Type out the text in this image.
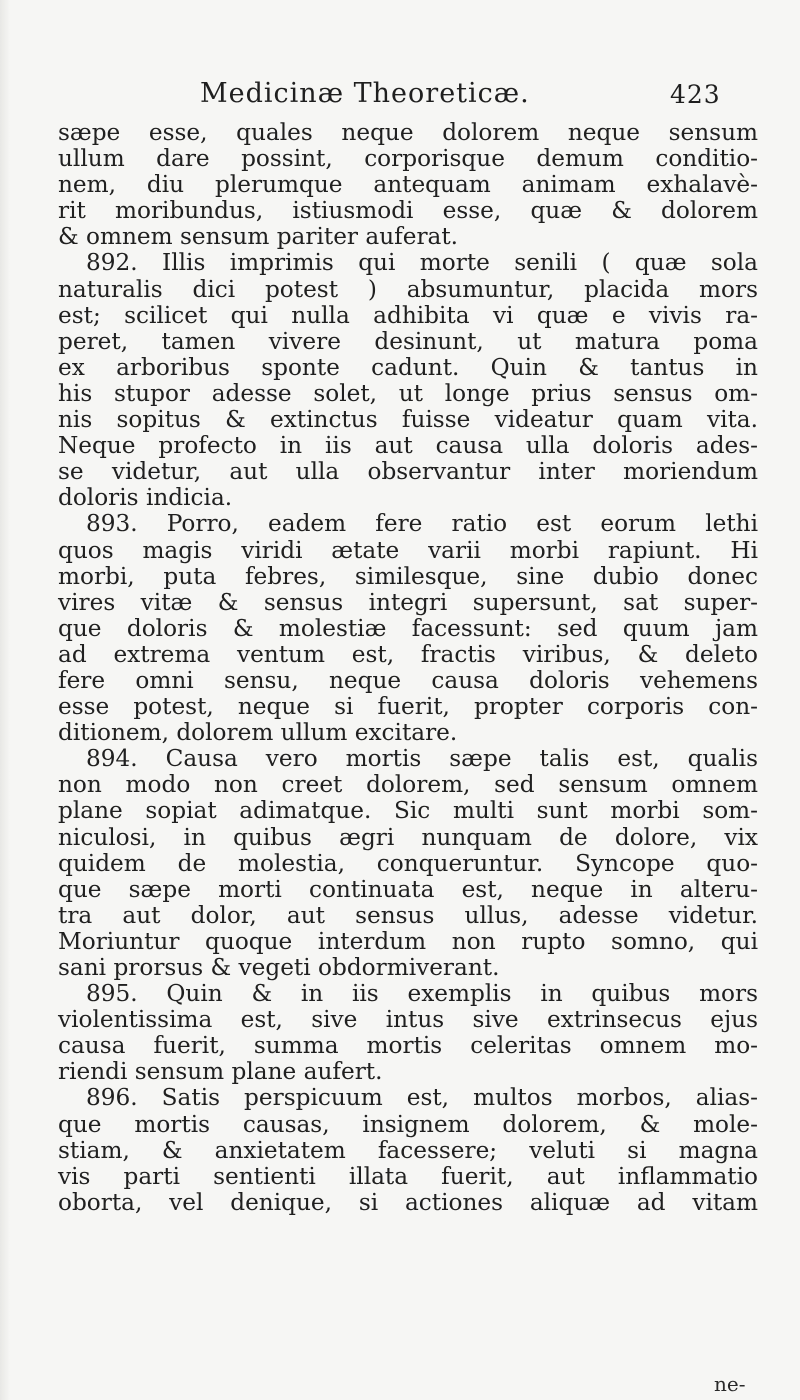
Medicinæ Theoreticæ.	423
sæpe esse, quales neque dolorem neque sensum
ullum dare possint, corporisque demum conditio-
nem, diu plerumque antequam animam exhalavè-
rit moribundus, istiusmodi esse, quæ & dolorem
& omnem sensum pariter auferat.
892. Illis imprimis qui morte senili ( quæ sola
naturalis dici potest ) absumuntur, placida mors
est; scilicet qui nulla adhibita vi quæ e vivis ra-
peret, tamen vivere desinunt, ut matura poma
ex arboribus sponte cadunt. Quin & tantus in
his stupor adesse solet, ut longe prius sensus om-
nis sopitus & extinctus fuisse videatur quam vita.
Neque profecto in iis aut causa ulla doloris ades-
se videtur, aut ulla observantur inter moriendum
doloris indicia.
893. Porro, eadem fere ratio est eorum lethi
quos magis viridi ætate varii morbi rapiunt. Hi
morbi, puta febres, similesque, sine dubio donec
vires vitæ & sensus integri supersunt, sat super-
que doloris & molestiæ facessunt: sed quum jam
ad extrema ventum est, fractis viribus, & deleto
fere omni sensu, neque causa doloris vehemens
esse potest, neque si fuerit, propter corporis con-
ditionem, dolorem ullum excitare.
894. Causa vero mortis sæpe talis est, qualis
non modo non creet dolorem, sed sensum omnem
plane sopiat adimatque. Sic multi sunt morbi som-
niculosi, in quibus ægri nunquam de dolore, vix
quidem de molestia, conqueruntur. Syncope quo-
que sæpe morti continuata est, neque in alteru-
tra aut dolor, aut sensus ullus, adesse videtur.
Moriuntur quoque interdum non rupto somno, qui
sani prorsus & vegeti obdormiverant.
895. Quin & in iis exemplis in quibus mors
violentissima est, sive intus sive extrinsecus ejus
causa fuerit, summa mortis celeritas omnem mo-
riendi sensum plane aufert.
896. Satis perspicuum est, multos morbos, alias-
que mortis causas, insignem dolorem, & mole-
stiam, & anxietatem facessere; veluti si magna
vis parti sentienti illata fuerit, aut inflammatio
oborta, vel denique, si actiones aliquæ ad vitam
ne-
